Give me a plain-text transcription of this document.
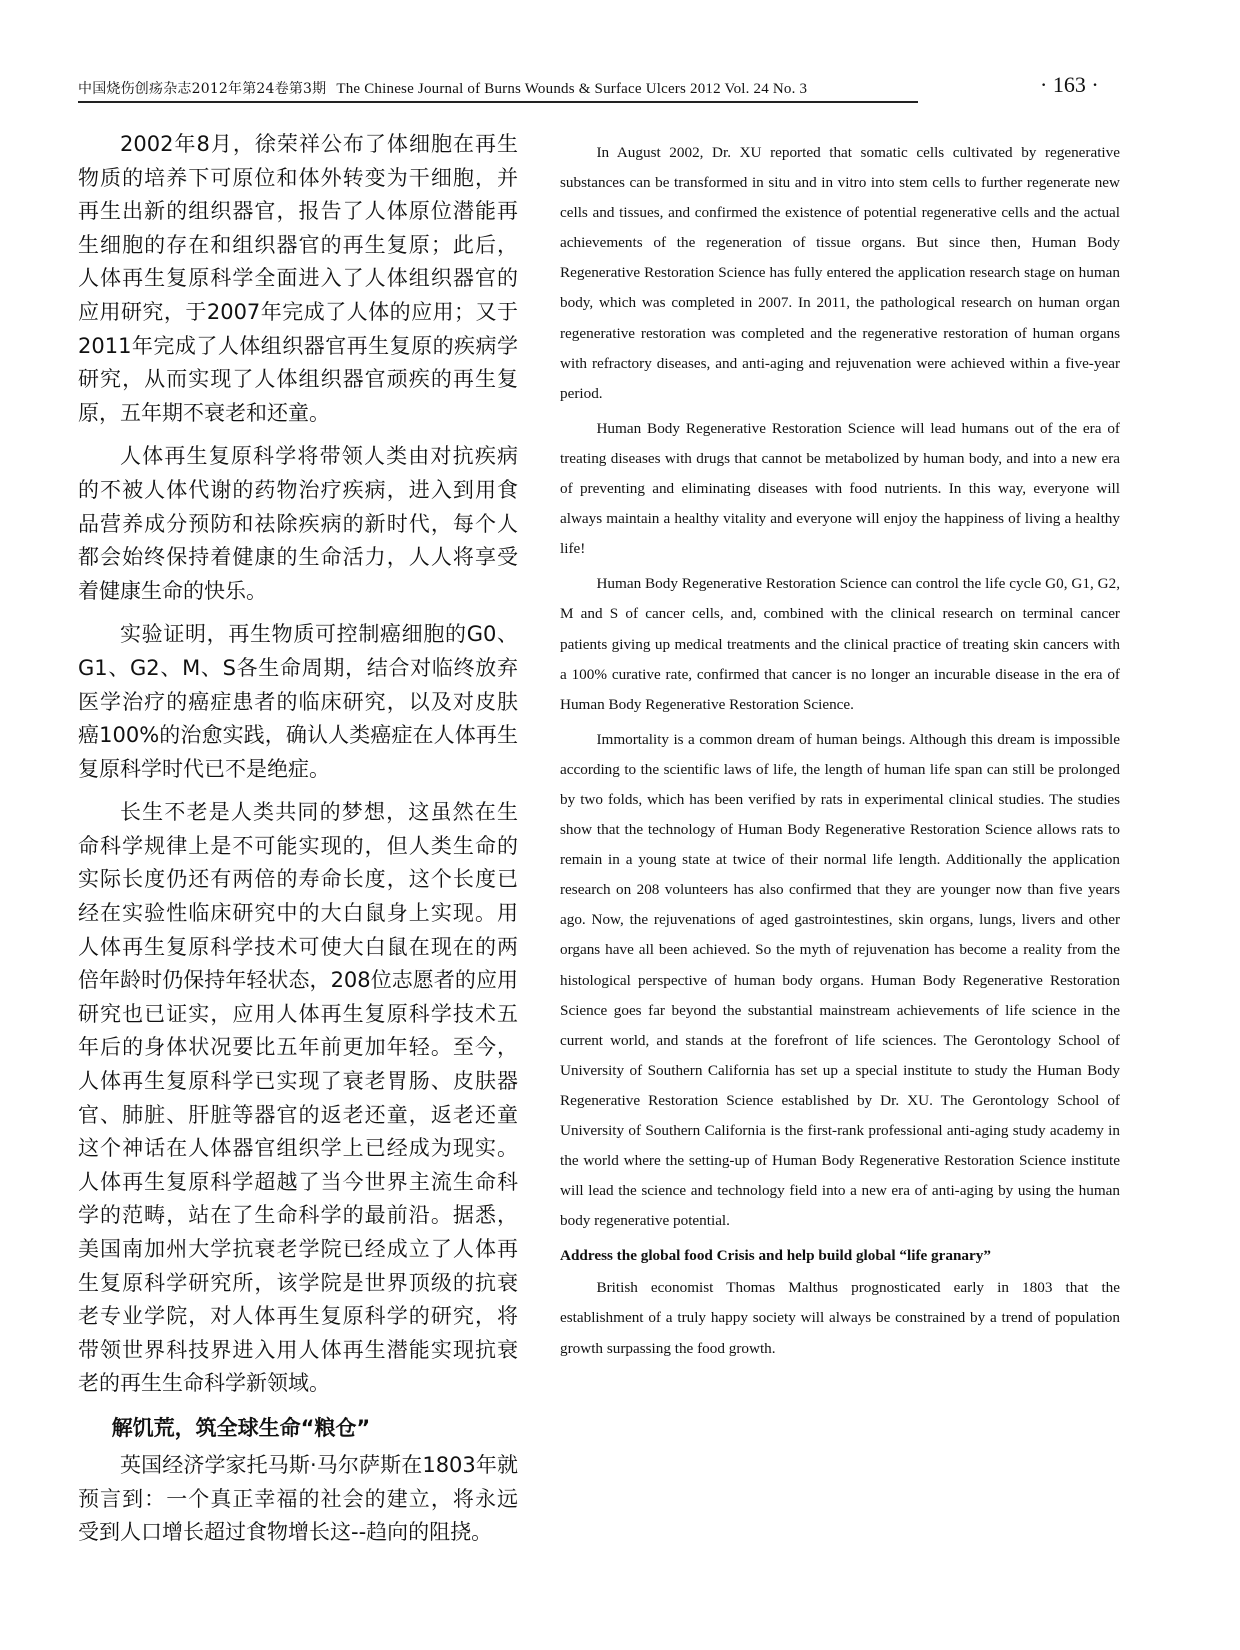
中国烧伤创疡杂志2012年第24卷第3期 The Chinese Journal of Burns Wounds & Surface Ulcers 2012 Vol. 24 No. 3	· 163 ·

2002年8月，徐荣祥公布了体细胞在再生物质的培养下可原位和体外转变为干细胞，并再生出新的组织器官，报告了人体原位潜能再生细胞的存在和组织器官的再生复原；此后，人体再生复原科学全面进入了人体组织器官的应用研究，于2007年完成了人体的应用；又于2011年完成了人体组织器官再生复原的疾病学研究，从而实现了人体组织器官顽疾的再生复原，五年期不衰老和还童。

人体再生复原科学将带领人类由对抗疾病的不被人体代谢的药物治疗疾病，进入到用食品营养成分预防和祛除疾病的新时代，每个人都会始终保持着健康的生命活力，人人将享受着健康生命的快乐。

实验证明，再生物质可控制癌细胞的G0、G1、G2、M、S各生命周期，结合对临终放弃医学治疗的癌症患者的临床研究，以及对皮肤癌100%的治愈实践，确认人类癌症在人体再生复原科学时代已不是绝症。

长生不老是人类共同的梦想，这虽然在生命科学规律上是不可能实现的，但人类生命的实际长度仍还有两倍的寿命长度，这个长度已经在实验性临床研究中的大白鼠身上实现。用人体再生复原科学技术可使大白鼠在现在的两倍年龄时仍保持年轻状态，208位志愿者的应用研究也已证实，应用人体再生复原科学技术五年后的身体状况要比五年前更加年轻。至今，人体再生复原科学已实现了衰老胃肠、皮肤器官、肺脏、肝脏等器官的返老还童，返老还童这个神话在人体器官组织学上已经成为现实。人体再生复原科学超越了当今世界主流生命科学的范畴，站在了生命科学的最前沿。据悉，美国南加州大学抗衰老学院已经成立了人体再生复原科学研究所，该学院是世界顶级的抗衰老专业学院，对人体再生复原科学的研究，将带领世界科技界进入用人体再生潜能实现抗衰老的再生生命科学新领域。

解饥荒，筑全球生命“粮仓”

英国经济学家托马斯·马尔萨斯在1803年就预言到：一个真正幸福的社会的建立，将永远受到人口增长超过食物增长这--趋向的阻挠。

In August 2002, Dr. XU reported that somatic cells cultivated by regenerative substances can be transformed in situ and in vitro into stem cells to further regenerate new cells and tissues, and confirmed the existence of potential regenerative cells and the actual achievements of the regeneration of tissue organs. But since then, Human Body Regenerative Restoration Science has fully entered the application research stage on human body, which was completed in 2007. In 2011, the pathological research on human organ regenerative restoration was completed and the regenerative restoration of human organs with refractory diseases, and anti-aging and rejuvenation were achieved within a five-year period.

Human Body Regenerative Restoration Science will lead humans out of the era of treating diseases with drugs that cannot be metabolized by human body, and into a new era of preventing and eliminating diseases with food nutrients. In this way, everyone will always maintain a healthy vitality and everyone will enjoy the happiness of living a healthy life!

Human Body Regenerative Restoration Science can control the life cycle G0, G1, G2, M and S of cancer cells, and, combined with the clinical research on terminal cancer patients giving up medical treatments and the clinical practice of treating skin cancers with a 100% curative rate, confirmed that cancer is no longer an incurable disease in the era of Human Body Regenerative Restoration Science.

Immortality is a common dream of human beings. Although this dream is impossible according to the scientific laws of life, the length of human life span can still be prolonged by two folds, which has been verified by rats in experimental clinical studies. The studies show that the technology of Human Body Regenerative Restoration Science allows rats to remain in a young state at twice of their normal life length. Additionally the application research on 208 volunteers has also confirmed that they are younger now than five years ago. Now, the rejuvenations of aged gastrointestines, skin organs, lungs, livers and other organs have all been achieved. So the myth of rejuvenation has become a reality from the histological perspective of human body organs. Human Body Regenerative Restoration Science goes far beyond the substantial mainstream achievements of life science in the current world, and stands at the forefront of life sciences. The Gerontology School of University of Southern California has set up a special institute to study the Human Body Regenerative Restoration Science established by Dr. XU. The Gerontology School of University of Southern California is the first-rank professional anti-aging study academy in the world where the setting-up of Human Body Regenerative Restoration Science institute will lead the science and technology field into a new era of anti-aging by using the human body regenerative potential.

Address the global food Crisis and help build global “life granary”

British economist Thomas Malthus prognosticated early in 1803 that the establishment of a truly happy society will always be constrained by a trend of population growth surpassing the food growth.
